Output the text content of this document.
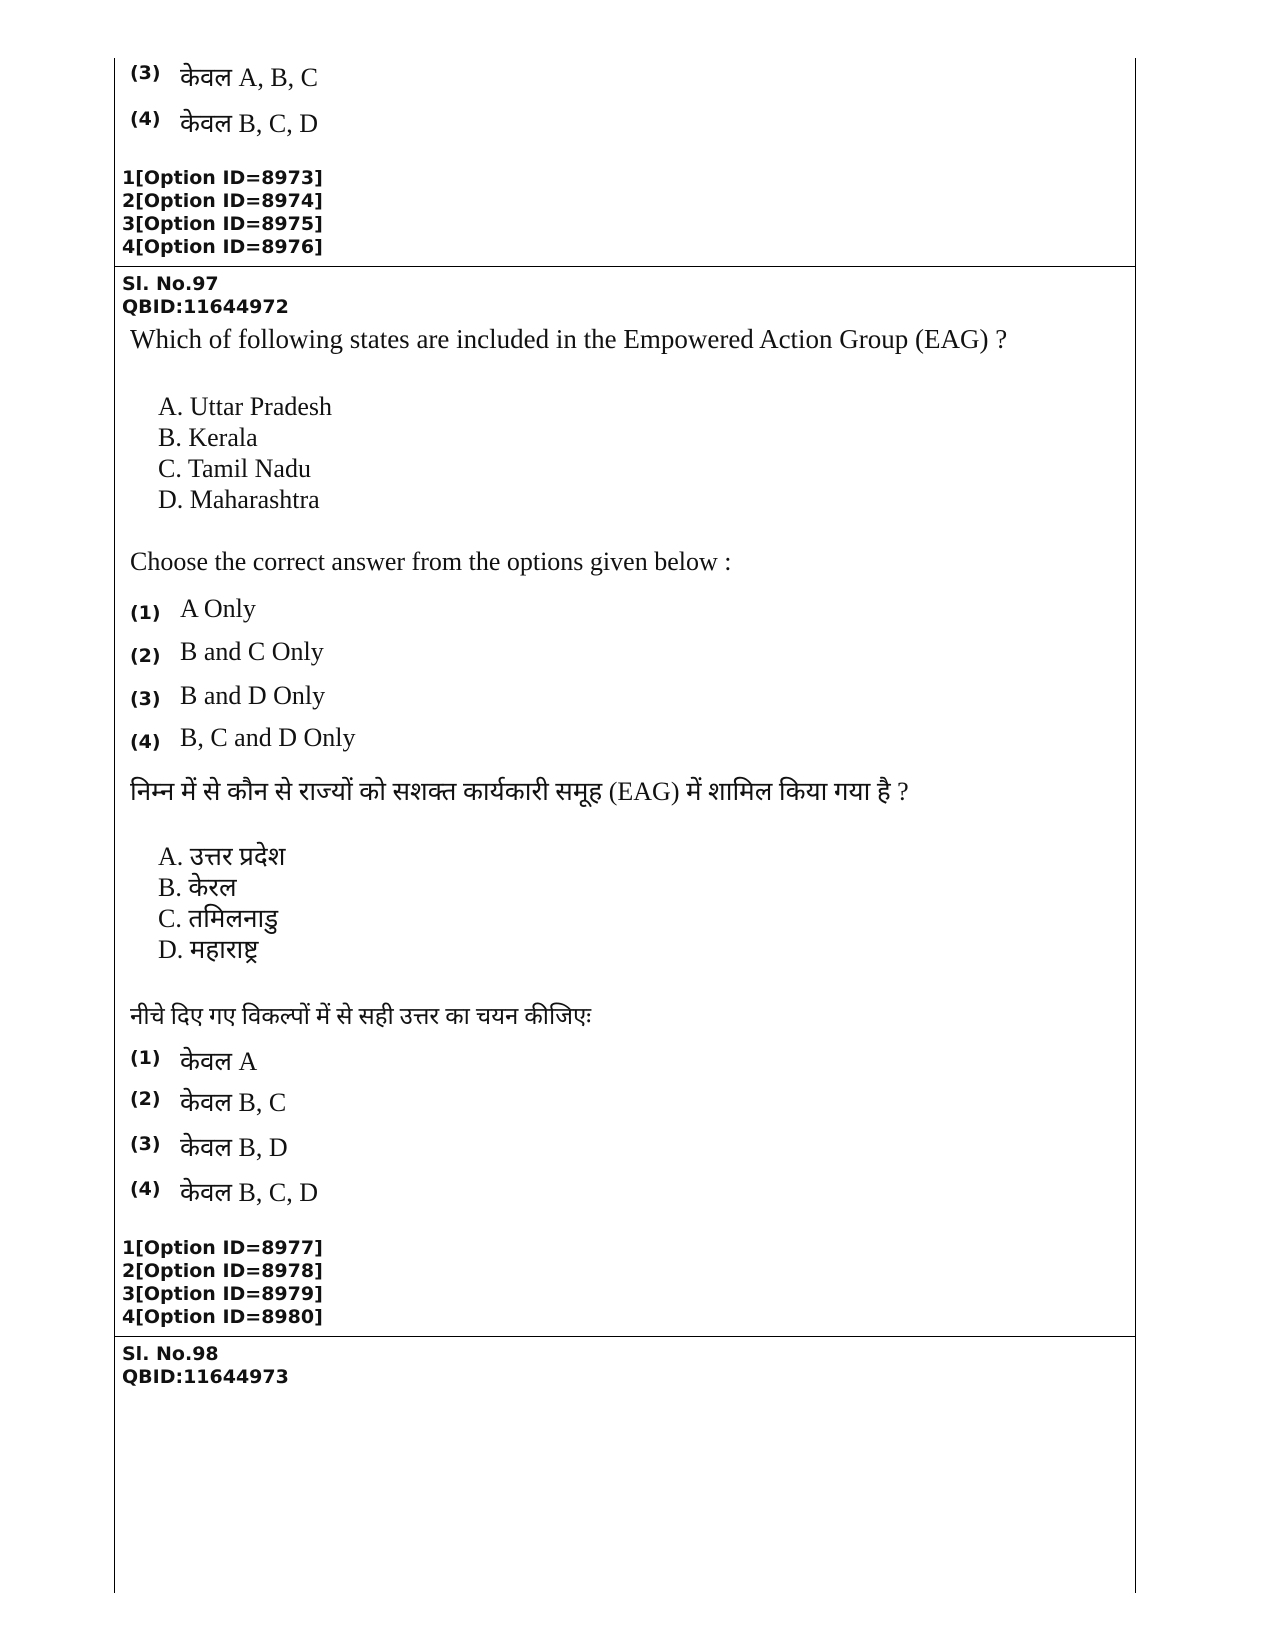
(3) केवल A, B, C
(4) केवल B, C, D
1[Option ID=8973]
2[Option ID=8974]
3[Option ID=8975]
4[Option ID=8976]
Sl. No.97
QBID:11644972
Which of following states are included in the Empowered Action Group (EAG) ?
A. Uttar Pradesh
B. Kerala
C. Tamil Nadu
D. Maharashtra
Choose the correct answer from the options given below :
(1) A Only
(2) B and C Only
(3) B and D Only
(4) B, C and D Only
निम्न में से कौन से राज्यों को सशक्त कार्यकारी समूह (EAG) में शामिल किया गया है ?
A. उत्तर प्रदेश
B. केरल
C. तमिलनाडु
D. महाराष्ट्र
नीचे दिए गए विकल्पों में से सही उत्तर का चयन कीजिएः
(1) केवल A
(2) केवल B, C
(3) केवल B, D
(4) केवल B, C, D
1[Option ID=8977]
2[Option ID=8978]
3[Option ID=8979]
4[Option ID=8980]
Sl. No.98
QBID:11644973
